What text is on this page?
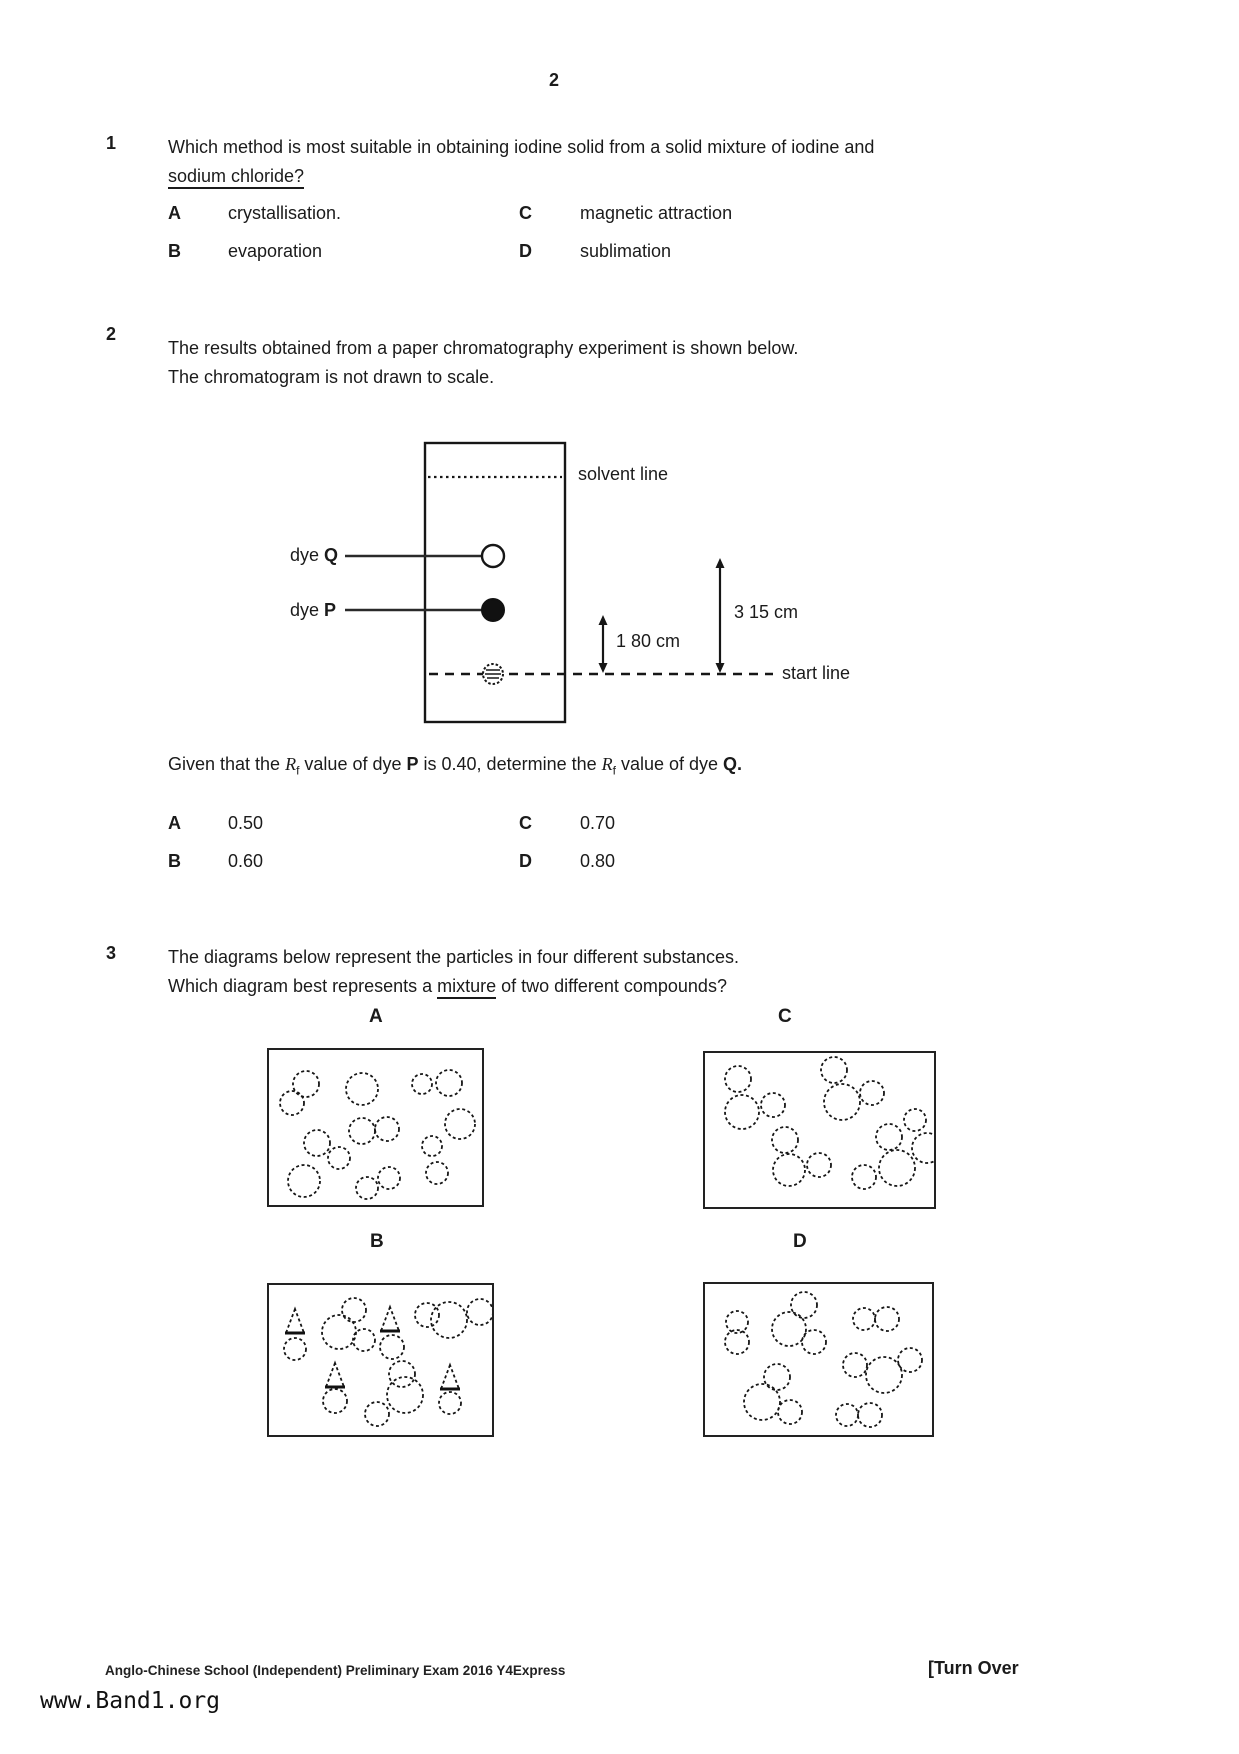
2
1	Which method is most suitable in obtaining iodine solid from a solid mixture of iodine and
sodium chloride?
A	crystallisation.	C	magnetic attraction
B	evaporation	D	sublimation
2
The results obtained from a paper chromatography experiment is shown below.
The chromatogram is not drawn to scale.
solvent line
dye Q
dye P
1 80 cm
3 15 cm
start line
Given that the $R_f$ value of dye P is 0.40, determine the $R_f$ value of dye Q.
A	0.50	C	0.70
B	0.60	D	0.80
3	The diagrams below represent the particles in four different substances.
Which diagram best represents a mixture of two different compounds?
A	C
B	D
Anglo-Chinese School (Independent) Preliminary Exam 2016 Y4Express	[Turn Over
www.Band1.org
